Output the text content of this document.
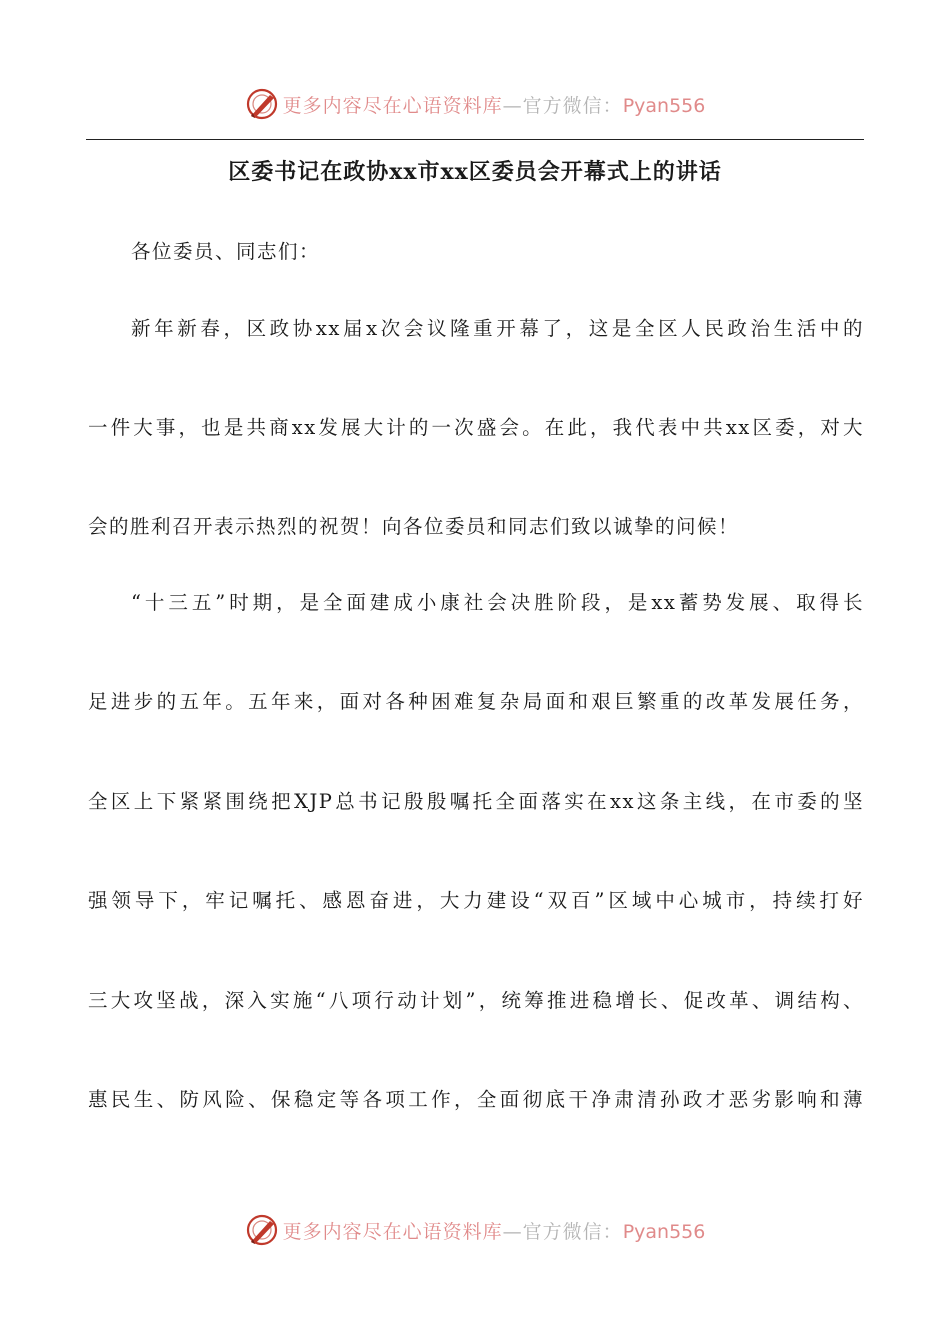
更多内容尽在心语资料库—官方微信：Pyan556
区委书记在政协xx市xx区委员会开幕式上的讲话
各位委员、同志们：
新年新春，区政协xx届x次会议隆重开幕了，这是全区人民政治生活中的
一件大事，也是共商xx发展大计的一次盛会。在此，我代表中共xx区委，对大
会的胜利召开表示热烈的祝贺！向各位委员和同志们致以诚挚的问候！
“十三五”时期，是全面建成小康社会决胜阶段，是xx蓄势发展、取得长
足进步的五年。五年来，面对各种困难复杂局面和艰巨繁重的改革发展任务，
全区上下紧紧围绕把XJP总书记殷殷嘱托全面落实在xx这条主线，在市委的坚
强领导下，牢记嘱托、感恩奋进，大力建设“双百”区域中心城市，持续打好
三大攻坚战，深入实施“八项行动计划”，统筹推进稳增长、促改革、调结构、
惠民生、防风险、保稳定等各项工作，全面彻底干净肃清孙政才恶劣影响和薄
更多内容尽在心语资料库—官方微信：Pyan556
